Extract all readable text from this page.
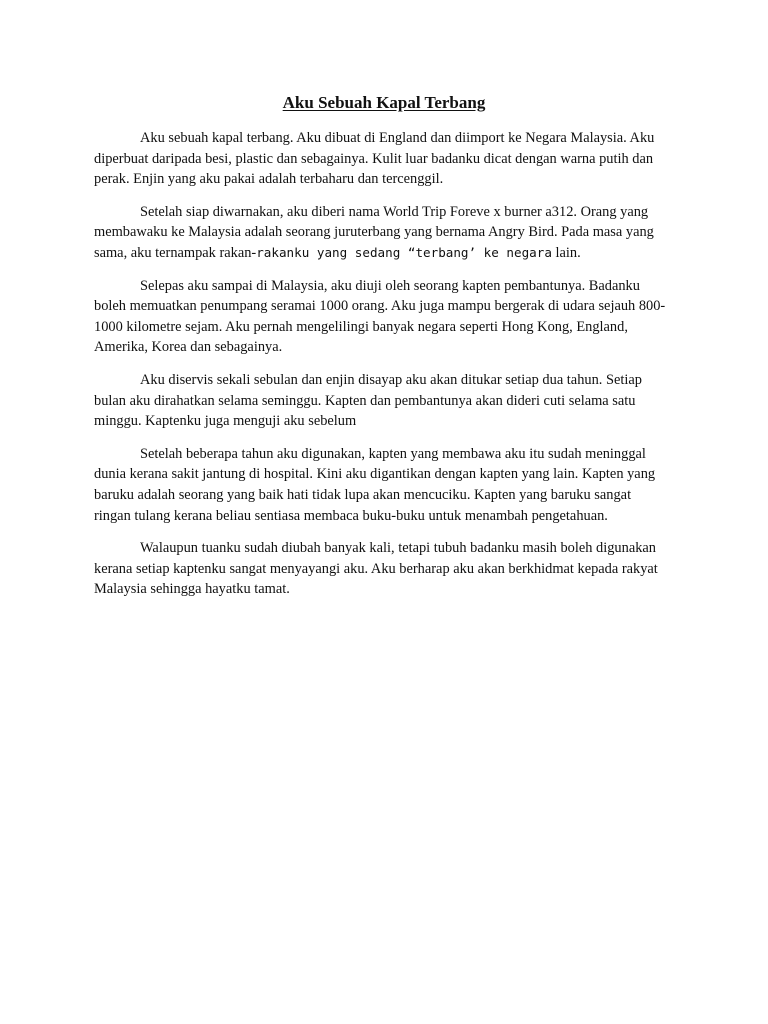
Aku Sebuah Kapal Terbang

Aku sebuah kapal terbang. Aku dibuat di England dan diimport ke Negara Malaysia. Aku diperbuat daripada besi, plastic dan sebagainya. Kulit luar badanku dicat dengan warna putih dan perak. Enjin yang aku pakai adalah terbaharu dan tercenggil.

Setelah siap diwarnakan, aku diberi nama World Trip Foreve x burner a312. Orang yang membawaku ke Malaysia adalah seorang juruterbang yang bernama Angry Bird. Pada masa yang sama, aku ternampak rakan-rakanku yang sedang “terbang’ ke negara lain.

Selepas aku sampai di Malaysia, aku diuji oleh seorang kapten pembantunya. Badanku boleh memuatkan penumpang seramai 1000 orang. Aku juga mampu bergerak di udara sejauh 800-1000 kilometre sejam. Aku pernah mengelilingi banyak negara seperti Hong Kong, England, Amerika, Korea dan sebagainya.

Aku diservis sekali sebulan dan enjin disayap aku akan ditukar setiap dua tahun. Setiap bulan aku dirahatkan selama seminggu. Kapten dan pembantunya akan dideri cuti selama satu minggu. Kaptenku juga menguji aku sebelum

Setelah beberapa tahun aku digunakan, kapten yang membawa aku itu sudah meninggal dunia kerana sakit jantung di hospital. Kini aku digantikan dengan kapten yang lain. Kapten yang baruku adalah seorang yang baik hati tidak lupa akan mencuciku. Kapten yang baruku sangat ringan tulang kerana beliau sentiasa membaca buku-buku untuk menambah pengetahuan.

Walaupun tuanku sudah diubah banyak kali, tetapi tubuh badanku masih boleh digunakan kerana setiap kaptenku sangat menyayangi aku. Aku berharap aku akan berkhidmat kepada rakyat Malaysia sehingga hayatku tamat.
